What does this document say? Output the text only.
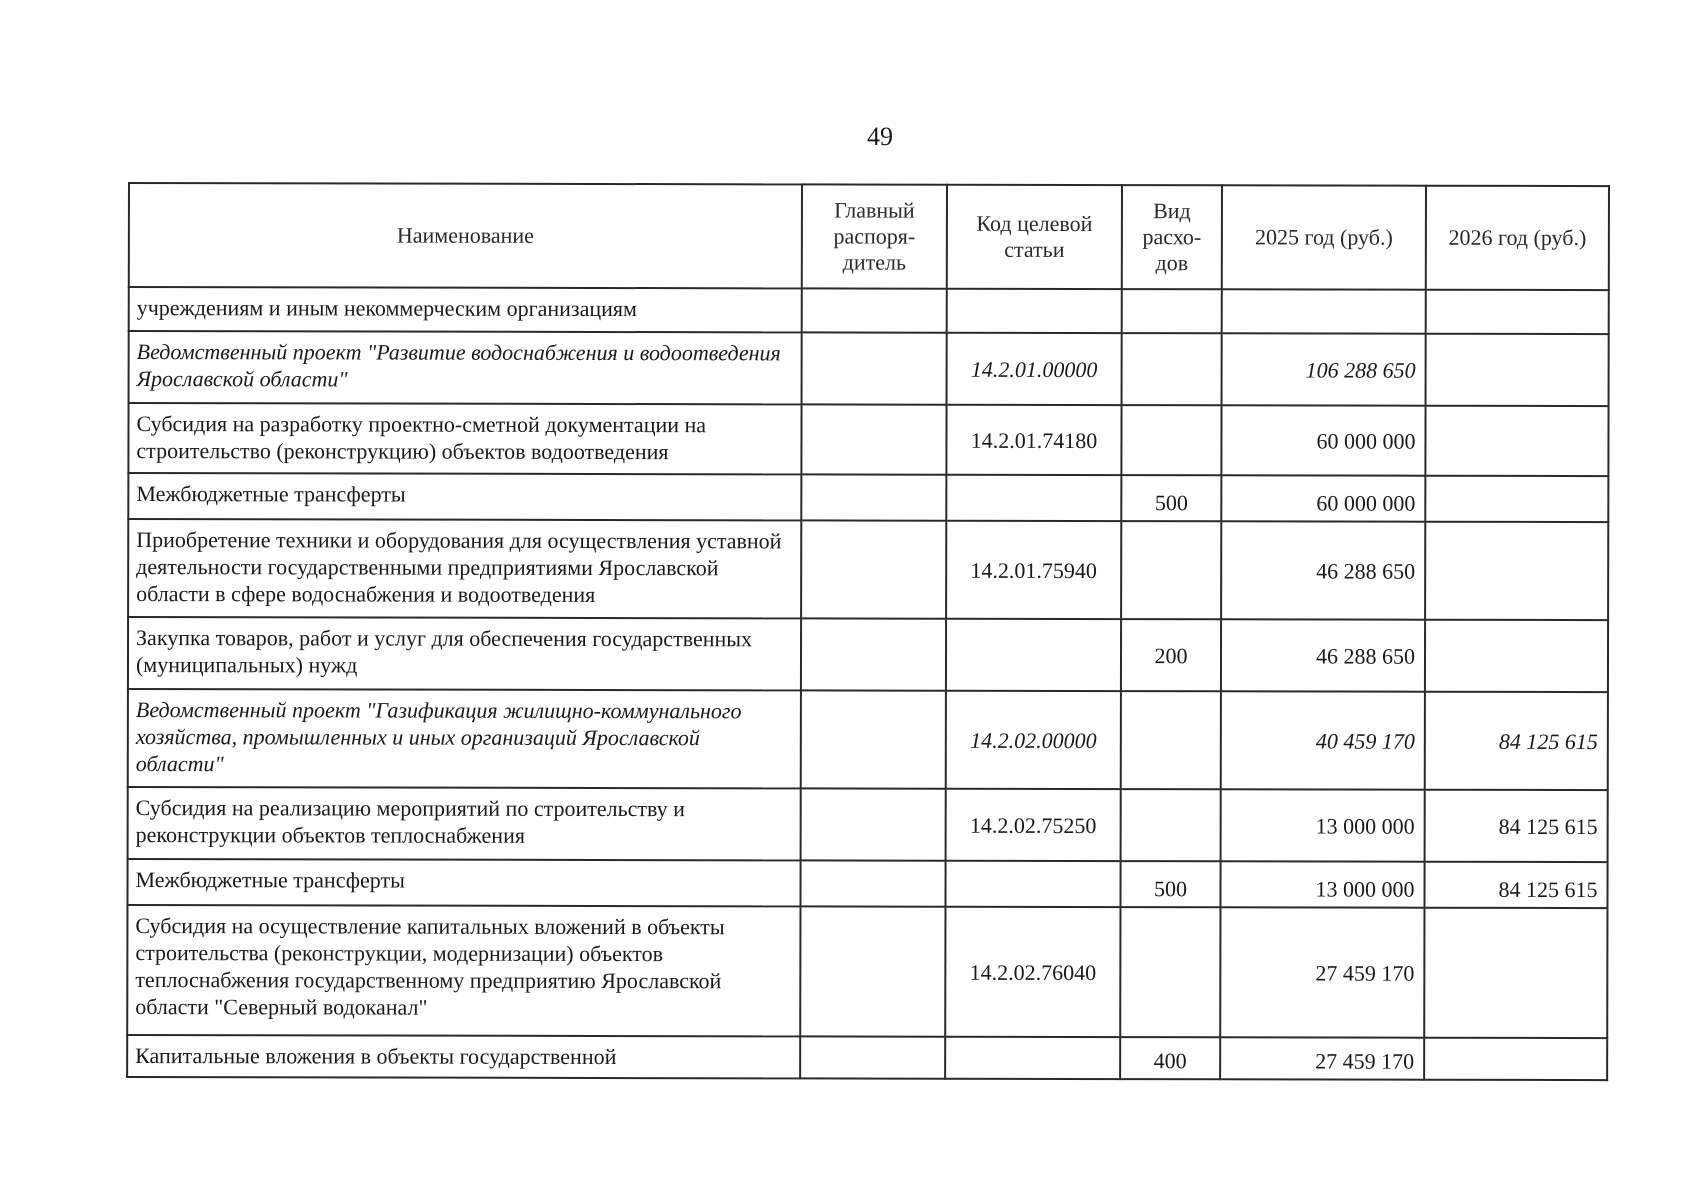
49
Наименование	Главный распоря-дитель	Код целевой статьи	Вид расхо-дов	2025 год (руб.)	2026 год (руб.)
учреждениям и иным некоммерческим организациям					
Ведомственный проект "Развитие водоснабжения и водоотведения Ярославской области"		14.2.01.00000		106 288 650	
Субсидия на разработку проектно-сметной документации на строительство (реконструкцию) объектов водоотведения		14.2.01.74180		60 000 000	
Межбюджетные трансферты			500	60 000 000	
Приобретение техники и оборудования для осуществления уставной деятельности государственными предприятиями Ярославской области в сфере водоснабжения и водоотведения		14.2.01.75940		46 288 650	
Закупка товаров, работ и услуг для обеспечения государственных (муниципальных) нужд			200	46 288 650	
Ведомственный проект "Газификация жилищно-коммунального хозяйства, промышленных и иных организаций Ярославской области"		14.2.02.00000		40 459 170	84 125 615
Субсидия на реализацию мероприятий по строительству и реконструкции объектов теплоснабжения		14.2.02.75250		13 000 000	84 125 615
Межбюджетные трансферты			500	13 000 000	84 125 615
Субсидия на осуществление капитальных вложений в объекты строительства (реконструкции, модернизации) объектов теплоснабжения государственному предприятию Ярославской области "Северный водоканал"		14.2.02.76040		27 459 170	
Капитальные вложения в объекты государственной			400	27 459 170	
